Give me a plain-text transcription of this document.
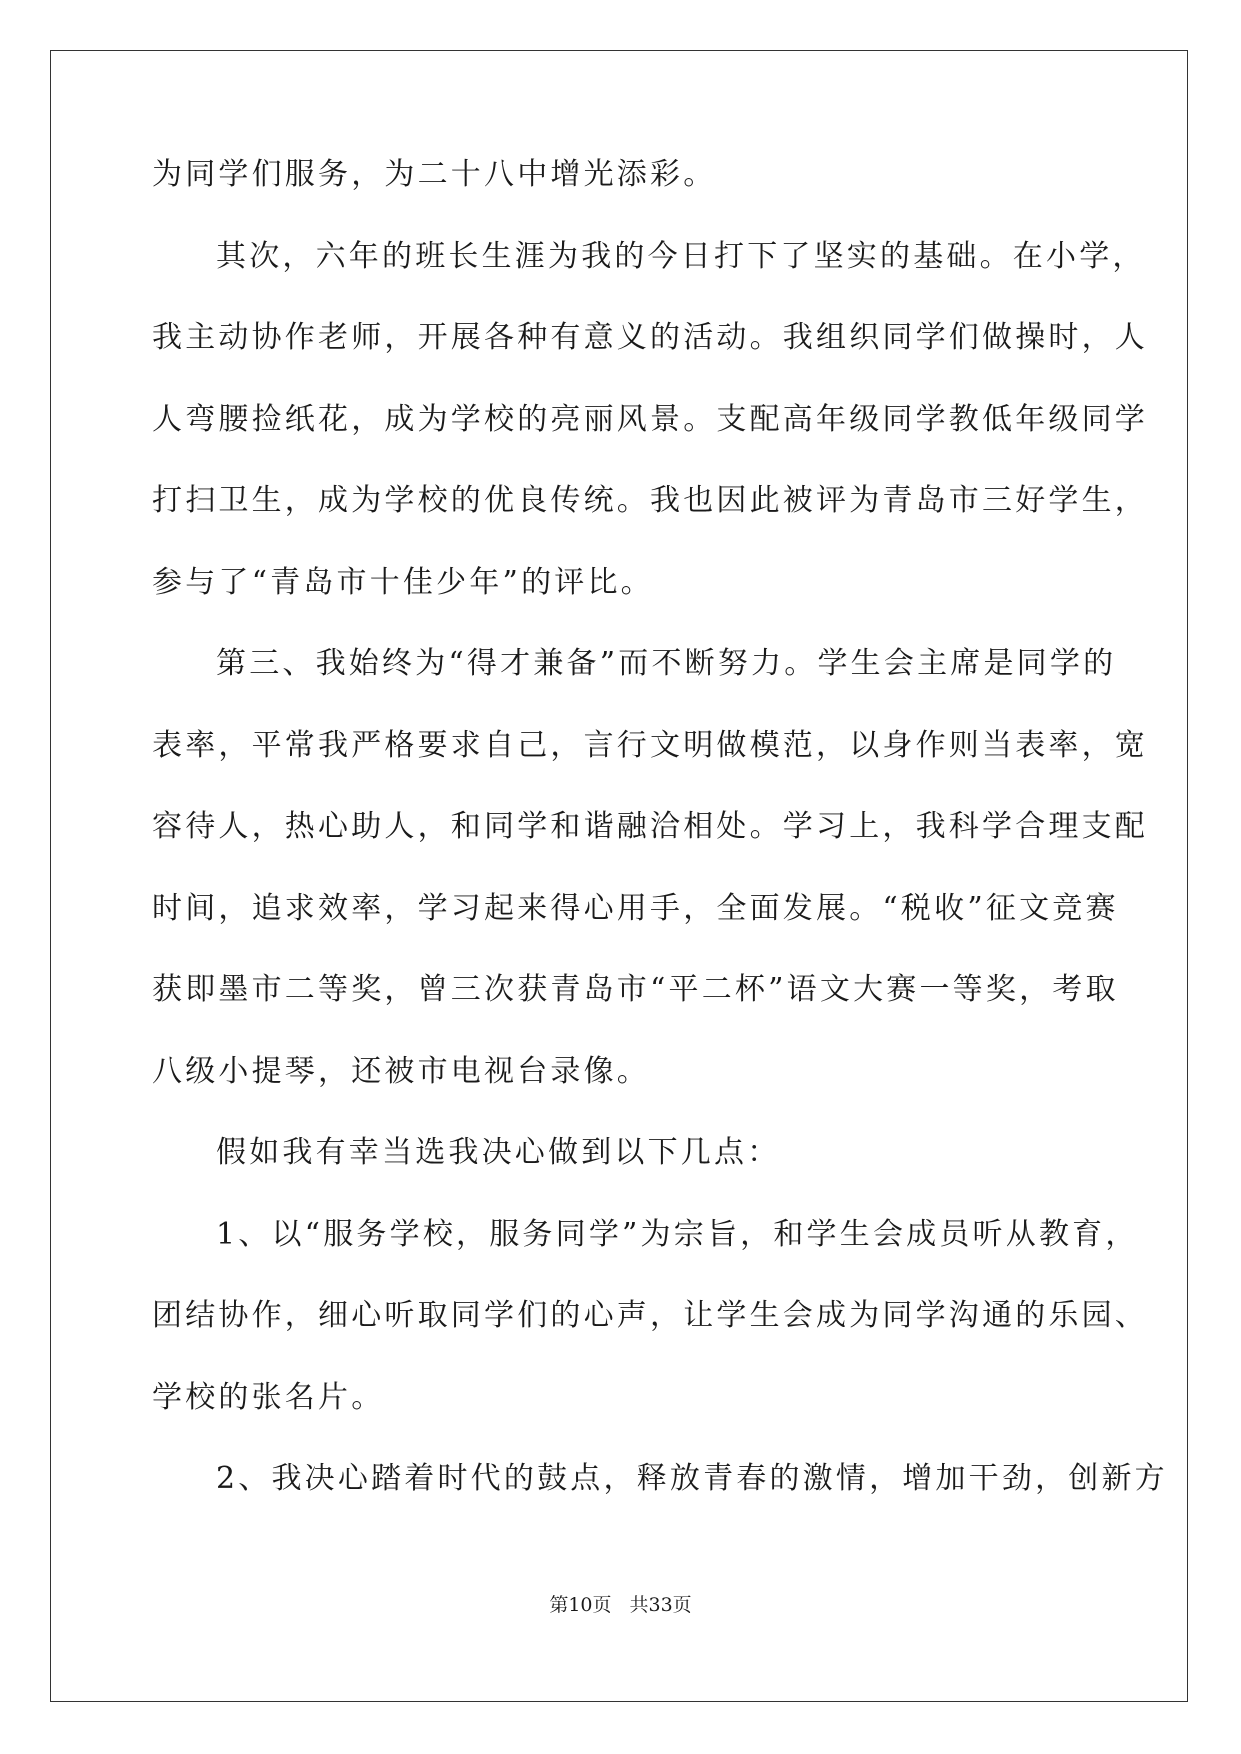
为同学们服务，为二十八中增光添彩。
其次，六年的班长生涯为我的今日打下了坚实的基础。在小学，
我主动协作老师，开展各种有意义的活动。我组织同学们做操时，人
人弯腰捡纸花，成为学校的亮丽风景。支配高年级同学教低年级同学
打扫卫生，成为学校的优良传统。我也因此被评为青岛市三好学生，
参与了“青岛市十佳少年”的评比。
第三、我始终为“得才兼备”而不断努力。学生会主席是同学的
表率，平常我严格要求自己，言行文明做模范，以身作则当表率，宽
容待人，热心助人，和同学和谐融洽相处。学习上，我科学合理支配
时间，追求效率，学习起来得心用手，全面发展。“税收”征文竞赛
获即墨市二等奖，曾三次获青岛市“平二杯”语文大赛一等奖，考取
八级小提琴，还被市电视台录像。
假如我有幸当选我决心做到以下几点：
1、以“服务学校，服务同学”为宗旨，和学生会成员听从教育，
团结协作，细心听取同学们的心声，让学生会成为同学沟通的乐园、
学校的张名片。
2、我决心踏着时代的鼓点，释放青春的激情，增加干劲，创新方
第10页 共33页
